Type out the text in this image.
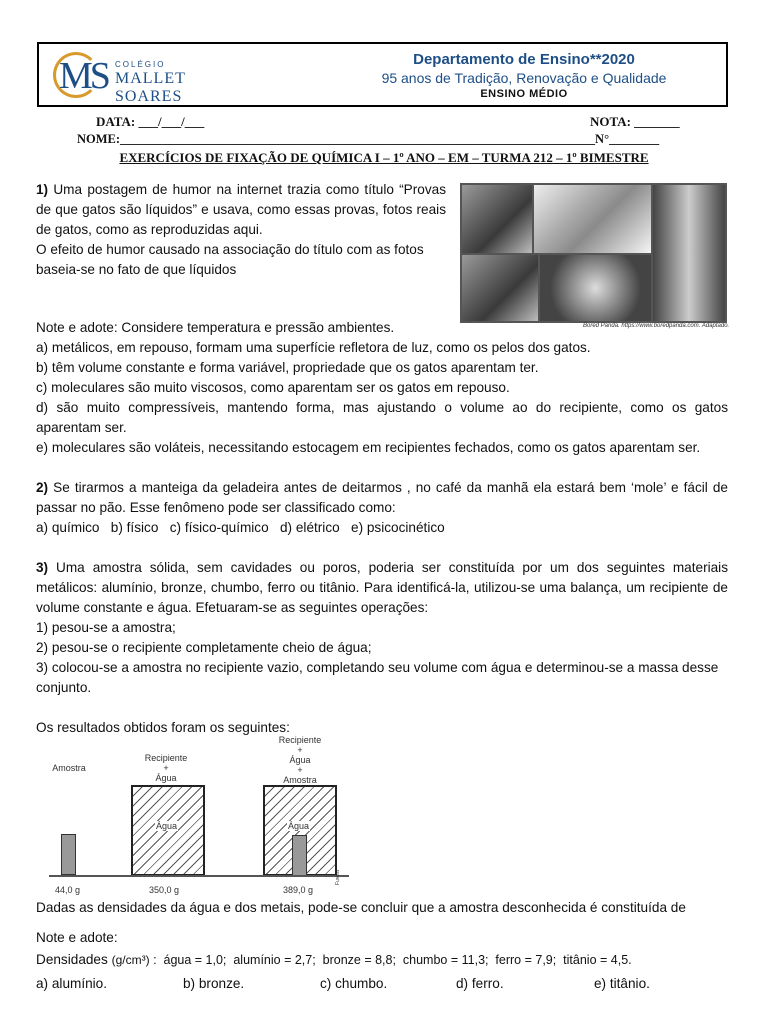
MS COLÉGIO
MALLET SOARES
Departamento de Ensino**2020
95 anos de Tradição, Renovação e Qualidade
ENSINO MÉDIO
DATA: ___/___/___	NOTA: _______
NOME:____________________________________________________________________________N°________
EXERCÍCIOS DE FIXAÇÃO DE QUÍMICA I – 1º ANO – EM – TURMA 212 – 1º BIMESTRE
1) Uma postagem de humor na internet trazia como título “Provas de que gatos são líquidos” e usava, como essas provas, fotos reais de gatos, como as reproduzidas aqui.
O efeito de humor causado na associação do título com as fotos baseia-se no fato de que líquidos
Bored Panda. https://www.boredpanda.com. Adaptado.
Note e adote: Considere temperatura e pressão ambientes.
a) metálicos, em repouso, formam uma superfície refletora de luz, como os pelos dos gatos.
b) têm volume constante e forma variável, propriedade que os gatos aparentam ter.
c) moleculares são muito viscosos, como aparentam ser os gatos em repouso.
d) são muito compressíveis, mantendo forma, mas ajustando o volume ao do recipiente, como os gatos aparentam ser.
e) moleculares são voláteis, necessitando estocagem em recipientes fechados, como os gatos aparentam ser.
2) Se tirarmos a manteiga da geladeira antes de deitarmos , no café da manhã ela estará bem ‘mole’ e fácil de passar no pão. Esse fenômeno pode ser classificado como:
a) químico   b) físico   c) físico-químico   d) elétrico   e) psicocinético
3) Uma amostra sólida, sem cavidades ou poros, poderia ser constituída por um dos seguintes materiais metálicos: alumínio, bronze, chumbo, ferro ou titânio. Para identificá-la, utilizou-se uma balança, um recipiente de volume constante e água. Efetuaram-se as seguintes operações:
1) pesou-se a amostra;
2) pesou-se o recipiente completamente cheio de água;
3) colocou-se a amostra no recipiente vazio, completando seu volume com água e determinou-se a massa desse conjunto.
Os resultados obtidos foram os seguintes:
Amostra
Recipiente
+
Água
Recipiente
+
Água
+
Amostra
Água	Água
44,0 g	350,0 g	389,0 g
Fuvest
Dadas as densidades da água e dos metais, pode-se concluir que a amostra desconhecida é constituída de
Note e adote:
Densidades (g/cm³) :  água = 1,0;  alumínio = 2,7;  bronze = 8,8;  chumbo = 11,3;  ferro = 7,9;  titânio = 4,5.
a) alumínio.	b) bronze.	c) chumbo.	d) ferro.	e) titânio.
